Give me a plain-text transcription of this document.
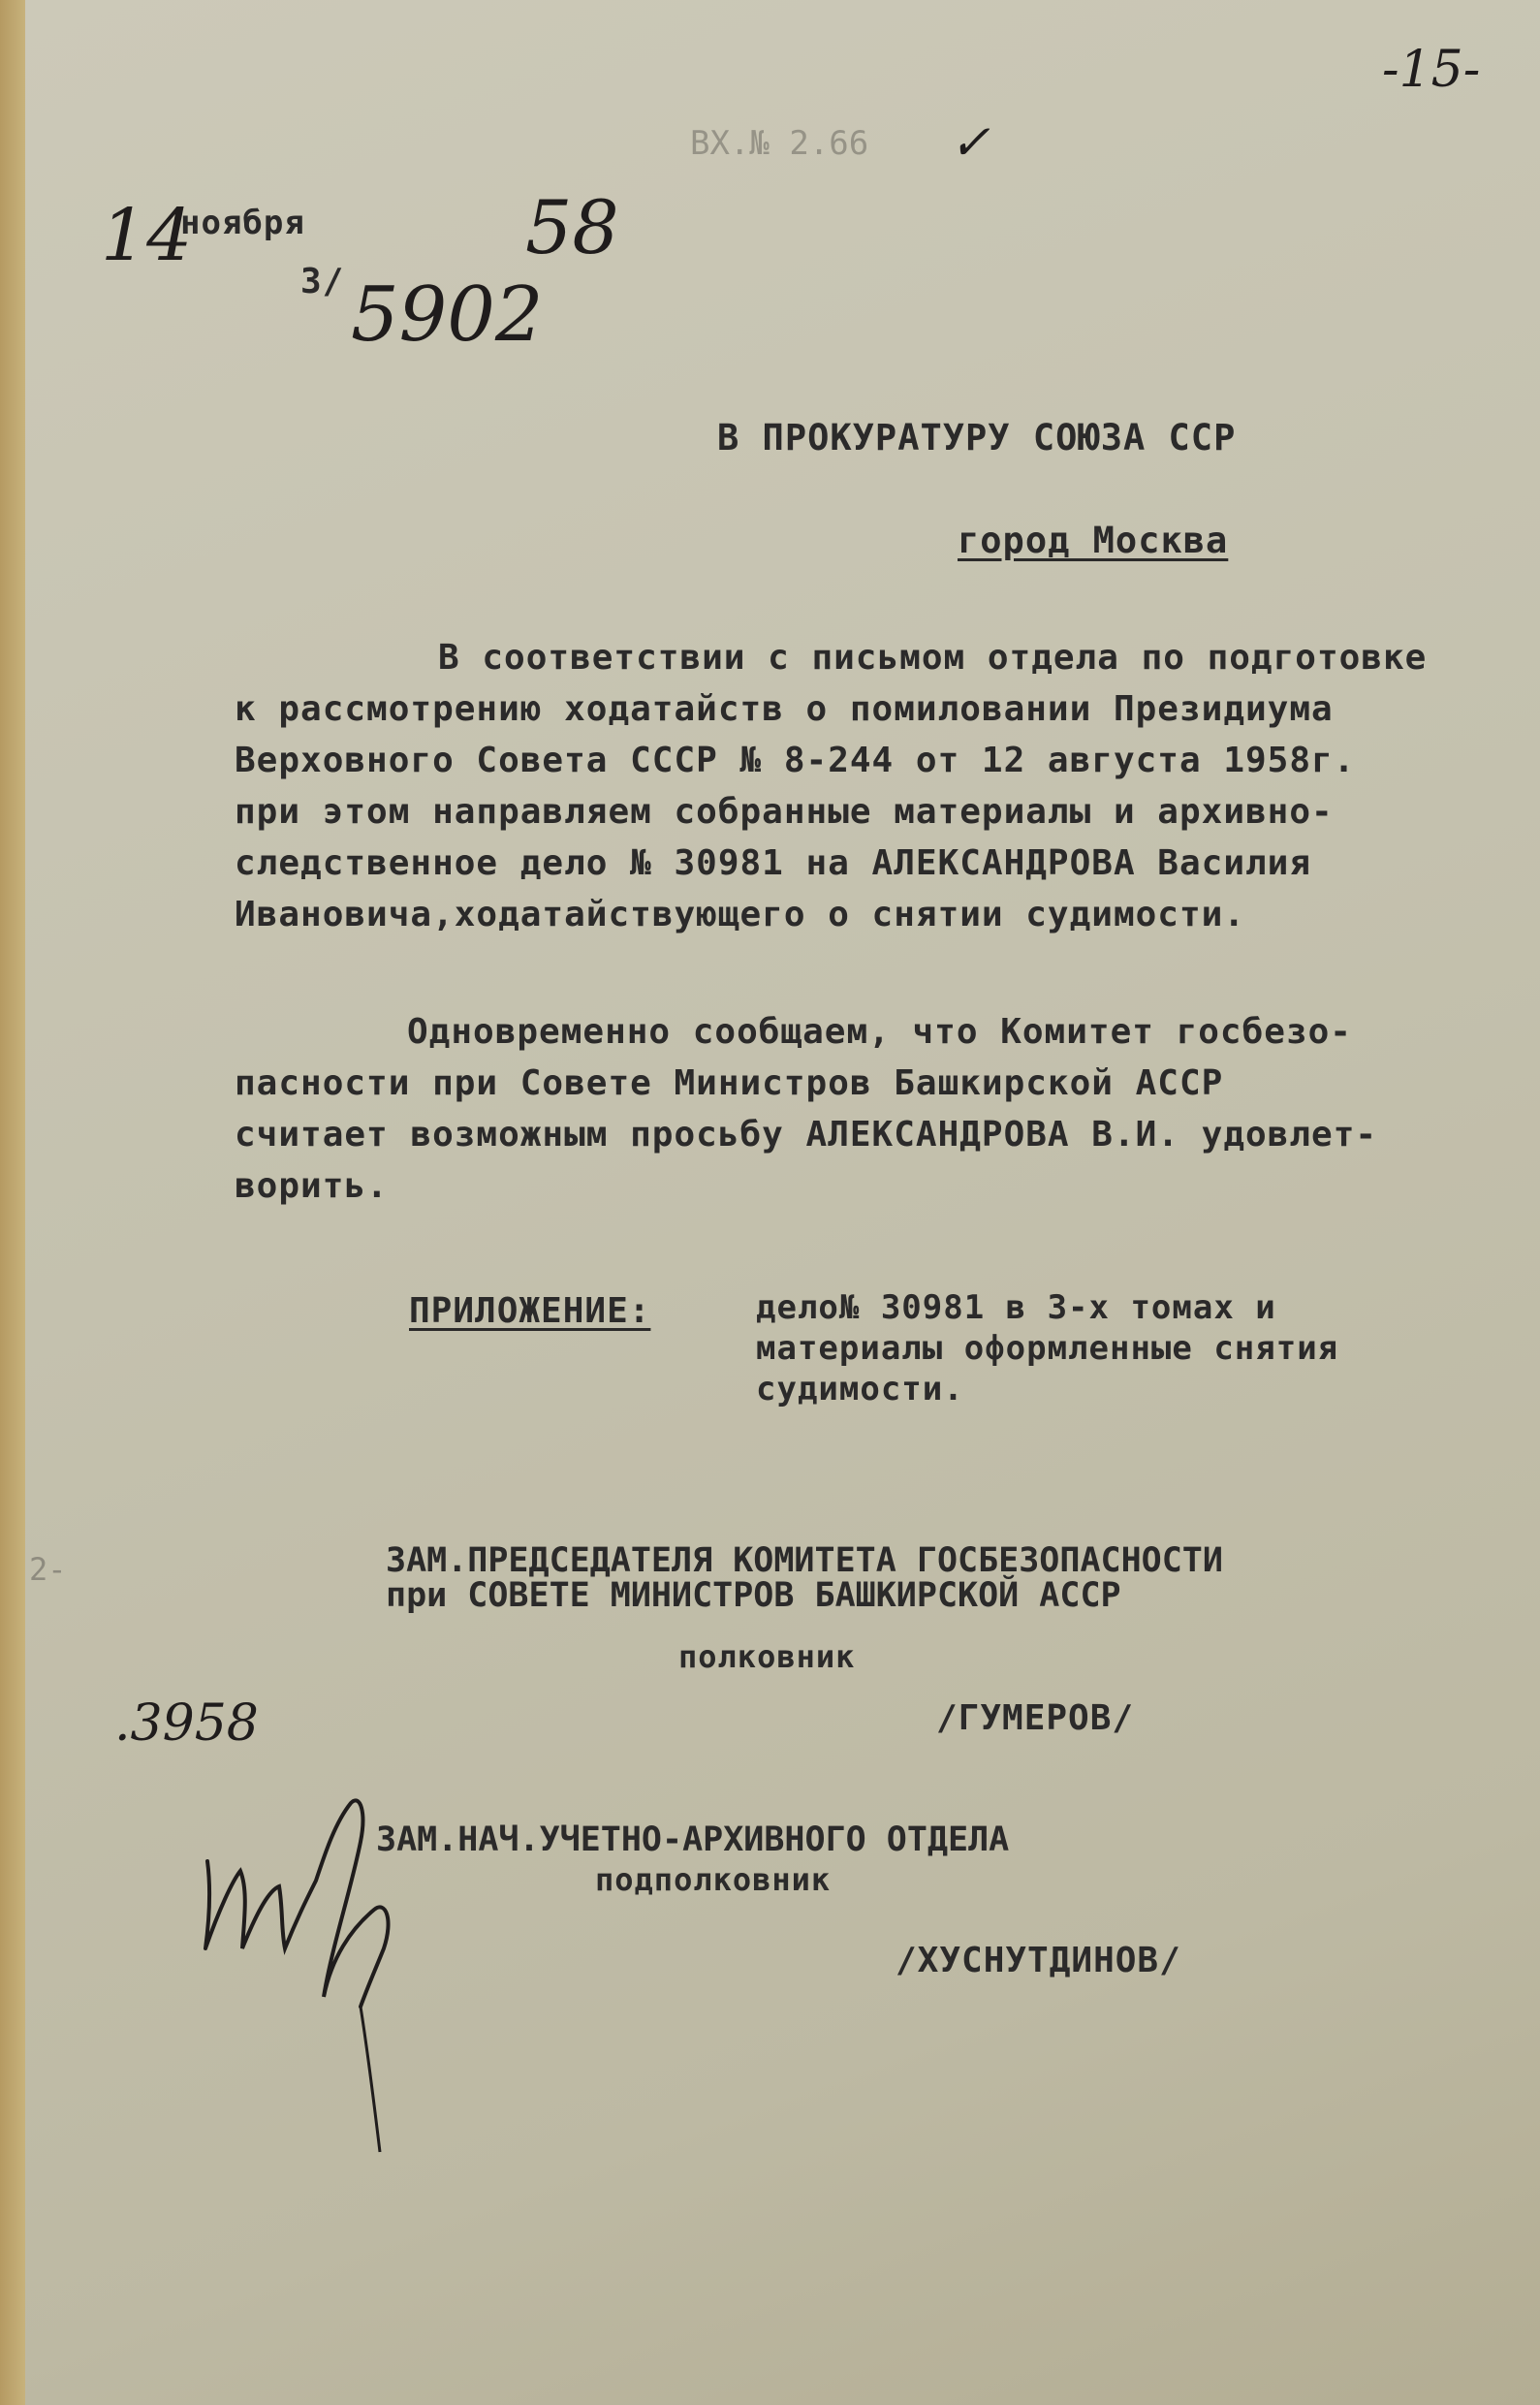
-15-
ВХ.№ 2.66 ✓
14
ноября	58
3/ 5902
В ПРОКУРАТУРУ СОЮЗА ССР
город Москва
В соответствии с письмом отдела по подготовке
к рассмотрению ходатайств о помиловании Президиума
Верховного Совета СССР № 8-244 от 12 августа 1958г.
при этом направляем собранные материалы и архивно-
следственное дело № 30981 на АЛЕКСАНДРОВА Василия
Ивановича,ходатайствующего о снятии судимости.
Одновременно сообщаем, что Комитет госбезо-
пасности при Совете Министров Башкирской АССР
считает возможным просьбу АЛЕКСАНДРОВА В.И. удовлет-
ворить.
ПРИЛОЖЕНИЕ:	дело№ 30981 в 3-х томах и
материалы оформленные снятия
судимости.
ЗАМ.ПРЕДСЕДАТЕЛЯ КОМИТЕТА ГОСБЕЗОПАСНОСТИ
при СОВЕТЕ МИНИСТРОВ БАШКИРСКОЙ АССР
полковник
/ГУМЕРОВ/
ЗАМ.НАЧ.УЧЕТНО-АРХИВНОГО ОТДЕЛА
подполковник
/ХУСНУТДИНОВ/
2-
.3958
